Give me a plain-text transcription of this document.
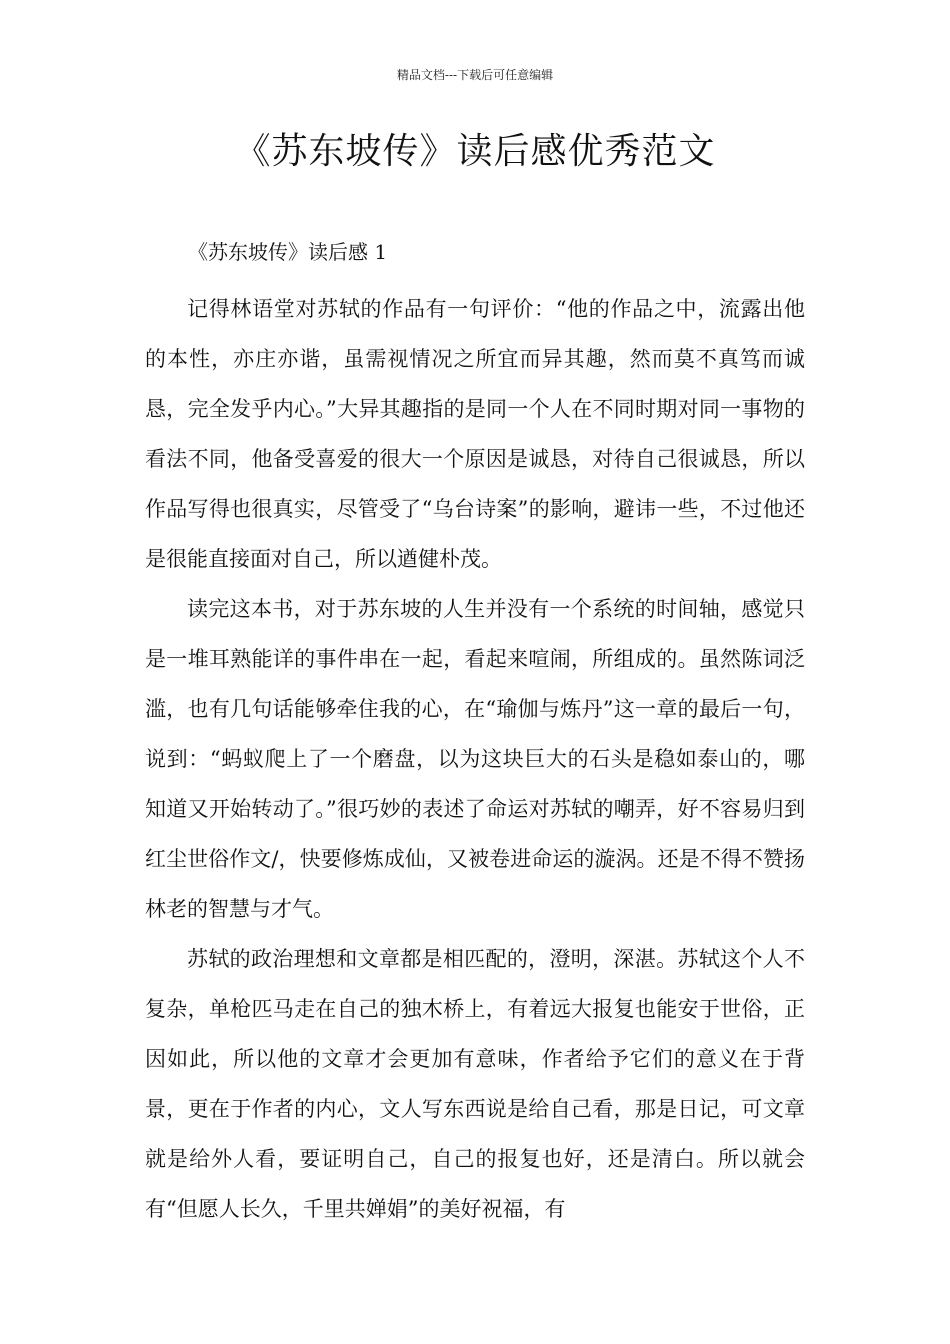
精品文档---下载后可任意编辑
《苏东坡传》读后感优秀范文
《苏东坡传》读后感 1

记得林语堂对苏轼的作品有一句评价：“他的作品之中，流露出他的本性，亦庄亦谐，虽需视情况之所宜而异其趣，然而莫不真笃而诚恳，完全发乎内心。”大异其趣指的是同一个人在不同时期对同一事物的看法不同，他备受喜爱的很大一个原因是诚恳，对待自己很诚恳，所以作品写得也很真实，尽管受了“乌台诗案”的影响，避讳一些，不过他还是很能直接面对自己，所以遒健朴茂。

读完这本书，对于苏东坡的人生并没有一个系统的时间轴，感觉只是一堆耳熟能详的事件串在一起，看起来喧闹，所组成的。虽然陈词泛滥，也有几句话能够牵住我的心，在“瑜伽与炼丹”这一章的最后一句，说到：“蚂蚁爬上了一个磨盘，以为这块巨大的石头是稳如泰山的，哪知道又开始转动了。”很巧妙的表述了命运对苏轼的嘲弄，好不容易归到红尘世俗作文/，快要修炼成仙，又被卷进命运的漩涡。还是不得不赞扬林老的智慧与才气。

苏轼的政治理想和文章都是相匹配的，澄明，深湛。苏轼这个人不复杂，单枪匹马走在自己的独木桥上，有着远大报复也能安于世俗，正因如此，所以他的文章才会更加有意味，作者给予它们的意义在于背景，更在于作者的内心，文人写东西说是给自己看，那是日记，可文章就是给外人看，要证明自己，自己的报复也好，还是清白。所以就会有“但愿人长久，千里共婵娟”的美好祝福，有
